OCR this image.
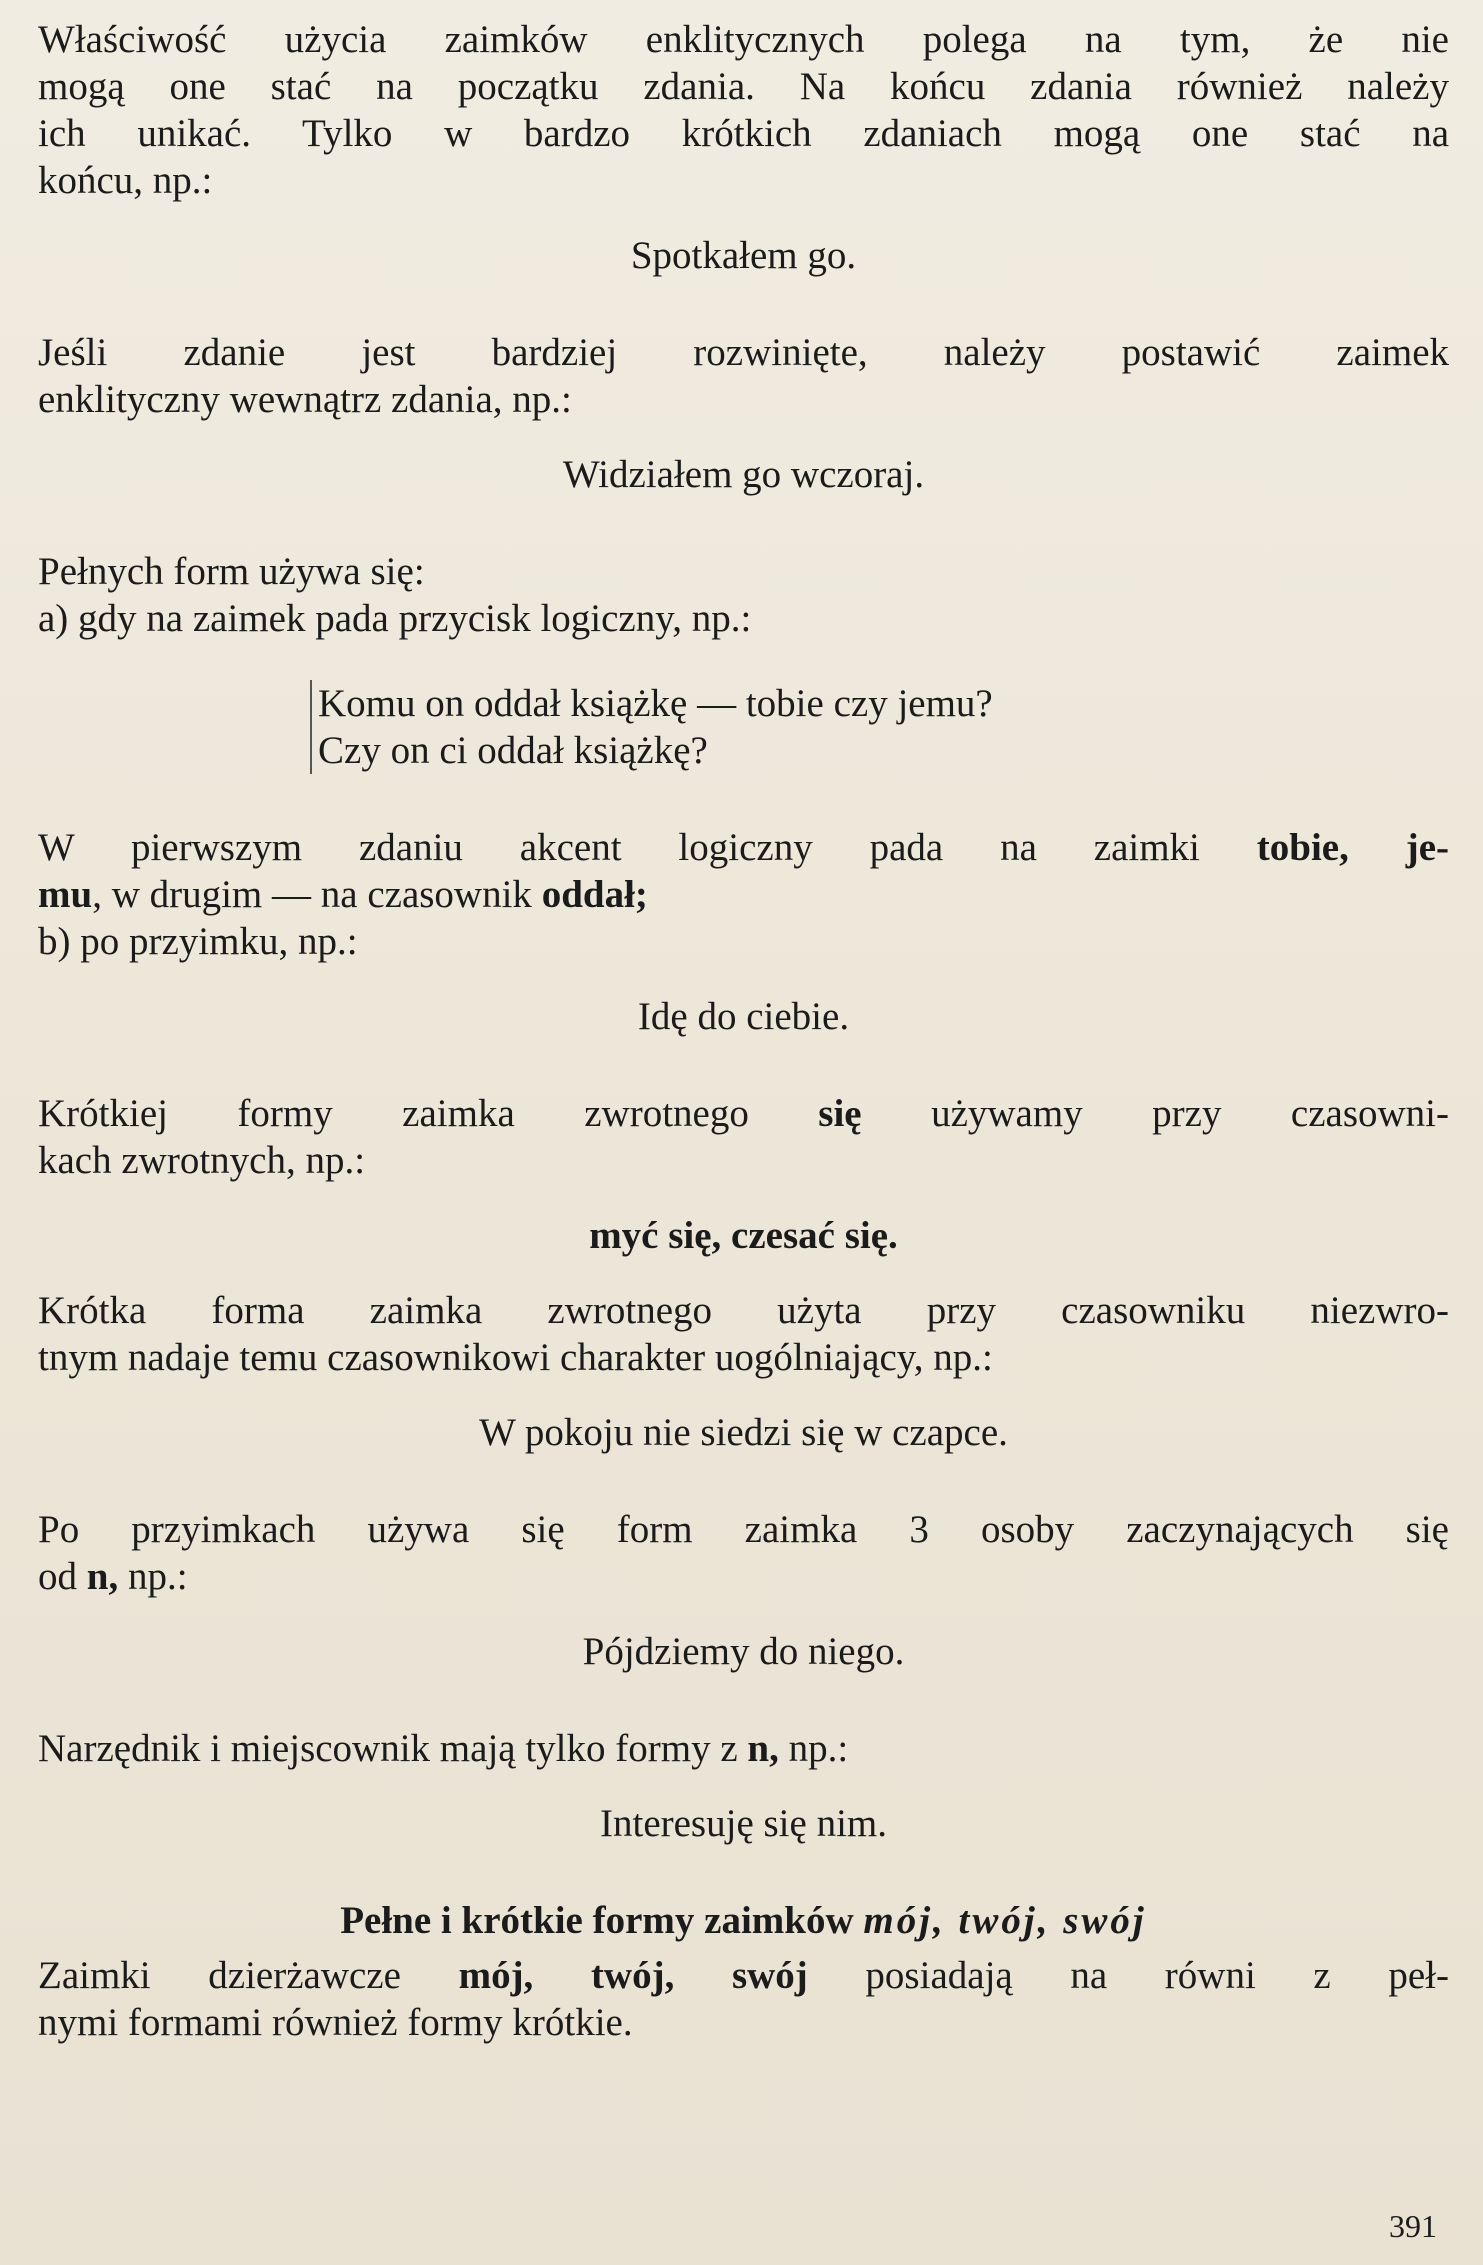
Właściwość użycia zaimków enklitycznych polega na tym, że nie
mogą one stać na początku zdania. Na końcu zdania również należy
ich unikać. Tylko w bardzo krótkich zdaniach mogą one stać na
końcu, np.:

Spotkałem go.

Jeśli zdanie jest bardziej rozwinięte, należy postawić zaimek
enklityczny wewnątrz zdania, np.:

Widziałem go wczoraj.

Pełnych form używa się:
a) gdy na zaimek pada przycisk logiczny, np.:

Komu on oddał książkę — tobie czy jemu?
Czy on ci oddał książkę?

W pierwszym zdaniu akcent logiczny pada na zaimki tobie, je-
mu, w drugim — na czasownik oddał;
b) po przyimku, np.:

Idę do ciebie.

Krótkiej formy zaimka zwrotnego się używamy przy czasowni-
kach zwrotnych, np.:

myć się, czesać się.

Krótka forma zaimka zwrotnego użyta przy czasowniku niezwro-
tnym nadaje temu czasownikowi charakter uogólniający, np.:

W pokoju nie siedzi się w czapce.

Po przyimkach używa się form zaimka 3 osoby zaczynających się
od n, np.:

Pójdziemy do niego.

Narzędnik i miejscownik mają tylko formy z n, np.:

Interesuję się nim.

Pełne i krótkie formy zaimków mój, twój, swój

Zaimki dzierżawcze mój, twój, swój posiadają na równi z peł-
nymi formami również formy krótkie.

391
